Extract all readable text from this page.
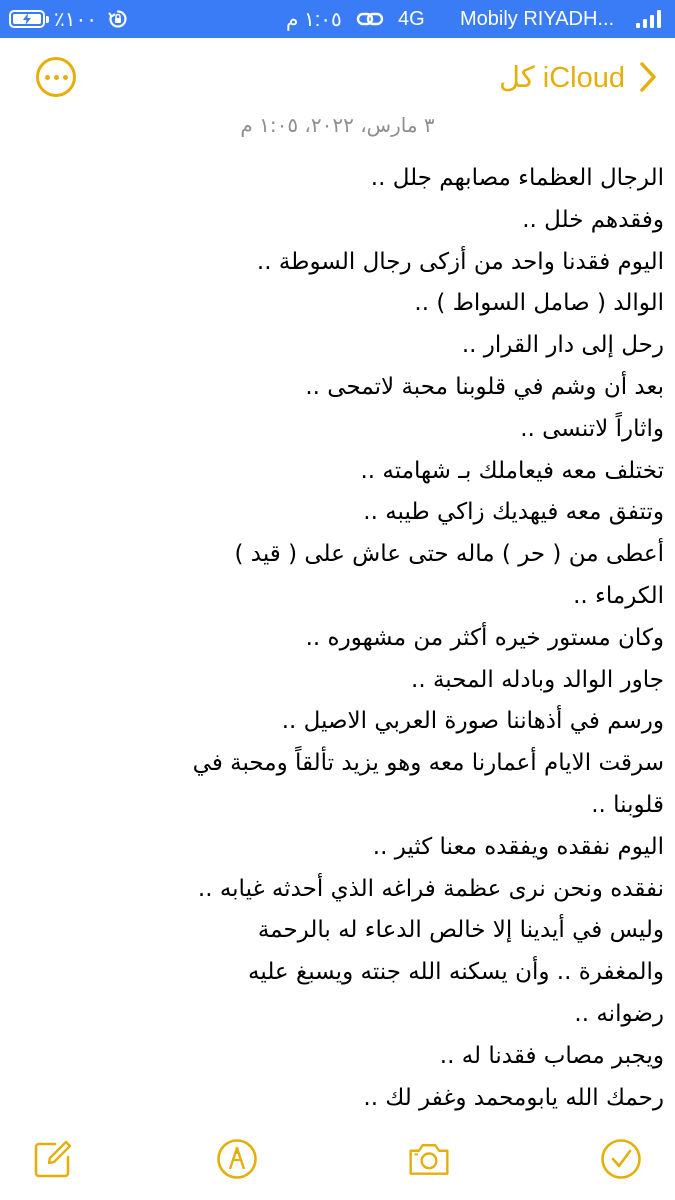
٪١٠٠	١:٠٥ م	4G Mobily RIYADH...
كل iCloud
٣ مارس، ٢٠٢٢، ١:٠٥ م
الرجال العظماء مصابهم جلل ..
وفقدهم خلل ..
اليوم فقدنا واحد من أزكى رجال السوطة ..
الوالد ( صامل السواط ) ..
رحل إلى دار القرار ..
بعد أن وشم في قلوبنا محبة لاتمحى ..
واثاراً لاتنسى ..
تختلف معه فيعاملك بـ شهامته ..
وتتفق معه فيهديك زاكي طيبه ..
أعطى من ( حر ) ماله حتى عاش على ( قيد )
الكرماء ..
وكان مستور خيره أكثر من مشهوره ..
جاور الوالد وبادله المحبة ..
ورسم في أذهاننا صورة العربي الاصيل ..
سرقت الايام أعمارنا معه وهو يزيد تألقاً ومحبة في
قلوبنا ..
اليوم نفقده ويفقده معنا كثير ..
نفقده ونحن نرى عظمة فراغه الذي أحدثه غيابه ..
وليس في أيدينا إلا خالص الدعاء له بالرحمة
والمغفرة .. وأن يسكنه الله جنته ويسبغ عليه
رضوانه ..
ويجبر مصاب فقدنا له ..
رحمك الله يابومحمد وغفر لك ..
